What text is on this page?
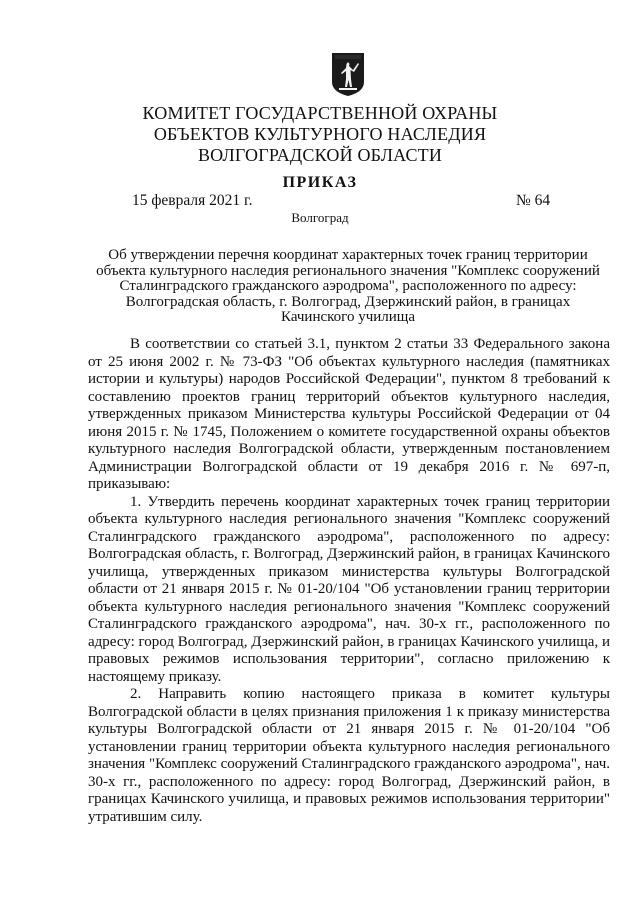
КОМИТЕТ ГОСУДАРСТВЕННОЙ ОХРАНЫ
ОБЪЕКТОВ КУЛЬТУРНОГО НАСЛЕДИЯ
ВОЛГОГРАДСКОЙ ОБЛАСТИ
ПРИКАЗ
15 февраля 2021 г.	№ 64
Волгоград
Об утверждении перечня координат характерных точек границ территории объекта культурного наследия регионального значения "Комплекс сооружений Сталинградского гражданского аэродрома", расположенного по адресу: Волгоградская область, г. Волгоград, Дзержинский район, в границах Качинского училища

В соответствии со статьей 3.1, пунктом 2 статьи 33 Федерального закона от 25 июня 2002 г. № 73-ФЗ "Об объектах культурного наследия (памятниках истории и культуры) народов Российской Федерации", пунктом 8 требований к составлению проектов границ территорий объектов культурного наследия, утвержденных приказом Министерства культуры Российской Федерации от 04 июня 2015 г. № 1745, Положением о комитете государственной охраны объектов культурного наследия Волгоградской области, утвержденным постановлением Администрации Волгоградской области от 19 декабря 2016 г. № 697-п, приказываю:

1. Утвердить перечень координат характерных точек границ территории объекта культурного наследия регионального значения "Комплекс сооружений Сталинградского гражданского аэродрома", расположенного по адресу: Волгоградская область, г. Волгоград, Дзержинский район, в границах Качинского училища, утвержденных приказом министерства культуры Волгоградской области от 21 января 2015 г. № 01-20/104 "Об установлении границ территории объекта культурного наследия регионального значения "Комплекс сооружений Сталинградского гражданского аэродрома", нач. 30-х гг., расположенного по адресу: город Волгоград, Дзержинский район, в границах Качинского училища, и правовых режимов использования территории", согласно приложению к настоящему приказу.

2. Направить копию настоящего приказа в комитет культуры Волгоградской области в целях признания приложения 1 к приказу министерства культуры Волгоградской области от 21 января 2015 г. № 01-20/104 "Об установлении границ территории объекта культурного наследия регионального значения "Комплекс сооружений Сталинградского гражданского аэродрома", нач. 30-х гг., расположенного по адресу: город Волгоград, Дзержинский район, в границах Качинского училища, и правовых режимов использования территории" утратившим силу.
